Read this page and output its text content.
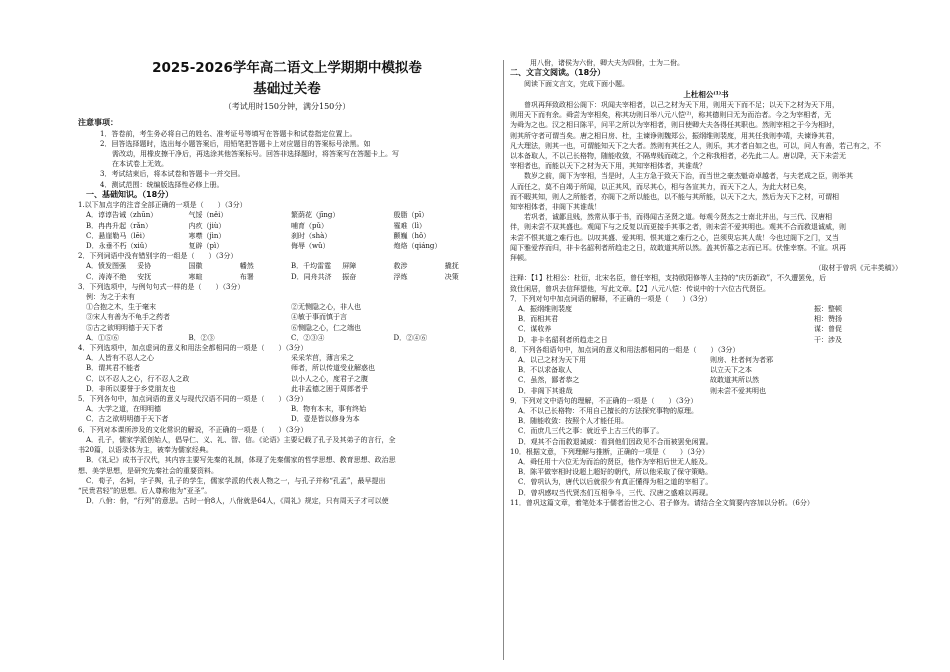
2025-2026学年高二语文上学期期中模拟卷
基础过关卷
（考试用时150分钟，满分150分）
注意事项：
1．答卷前，考生务必将自己的姓名、准考证号等填写在答题卡和试卷指定位置上。
2．回答选择题时，选出每小题答案后，用铅笔把答题卡上对应题目的答案标号涂黑。如
需改动，用橡皮擦干净后，再选涂其他答案标号。回答非选择题时，将答案写在答题卡上。写
在本试卷上无效。
3．考试结束后，将本试卷和答题卡一并交回。
4．测试范围：统编版选择性必修上册。
一、基础知识。（18分）
1.以下加点字的注音全部正确的一项是（　　）（3分）
A．谆谆告诫（zhūn）	气馁（něi）	繁荫花（jīng）	殷脂（pī）
B．冉冉升起（rǎn）	内疚（jiù）	哺育（pǔ）	罹难（lì）
C．悬崖勒马（lēi）	寒噤（jìn）	刹时（shà）	颤巍（hǒ）
D．永垂不朽（xiǔ）	复辟（pì）	侮辱（wǔ）	炮烙（qiáng）
2．下列词语中没有错别字的一组是（　　）（3分）
A．愤发图强	妥协	国徽	幡然	B．千均雷霆	屏障	救涉	撬抚
C．涛涛不绝	安抚	寒暄	布署	D．同舟共济	振奋	浮炼	决策
3．下列选项中，与例句句式一样的是（　　）（3分）
例：为之于未有
①合抱之木，生于毫末	②无恻隐之心，非人也
③宋人有善为不龟手之药者	④敏于事而慎于言
⑤古之欲明明德于天下者	⑥恻隐之心，仁之端也
A．①⑤⑥	B．②③	C．②③④	D．②④⑥
4．下列选项中，加点虚词的意义和用法全都相同的一项是（　　）（3分）
A．人皆有不忍人之心	采采芣苢，薄言采之
B．谓其君不能者	师者，所以传道受业解惑也
C．以不忍人之心，行不忍人之政	以小人之心，度君子之腹
D．非所以要誉于乡党朋友也	此非孟德之困于周郎者乎
5．下列各句中，加点词语的意义与现代汉语不同的一项是（　　）（3分）
A．大学之道，在明明德	B．物有本末，事有终始
C．古之欲明明德于天下者	D．壹是皆以修身为本
6．下列对本课所涉及的文化常识的解说，不正确的一项是（　　）（3分）
A．孔子，儒家学派创始人，倡导仁、义、礼、智、信。《论语》主要记载了孔子及其弟子的言行，全
书20篇，以语录体为主，被奉为儒家经典。
B．《礼记》成书于汉代，其内容主要写先秦的礼制，体现了先秦儒家的哲学思想、教育思想、政治思
想、美学思想，是研究先秦社会的重要资料。
C．荀子，名轲，字子舆，孔子的学生，儒家学派的代表人物之一，与孔子并称“孔孟”，最早提出
“民贵君轻”的思想。后人尊称他为“亚圣”。
D．八佾：佾，“行列”的意思。古时一佾8人，八佾就是64人，《周礼》规定，只有周天子才可以使
用八佾，诸侯为六佾，卿大夫为四佾，士为二佾。
二、文言文阅读。（18分）
阅读下面文言文，完成下面小题。
上杜相公⁽¹⁾书
曾巩再拜致政相公阁下：巩闻夫宰相者，以己之材为天下用，则用天下而不足；以天下之材为天下用，
则用天下而有余。舜尝为宰相矣，称其功则曰举八元八恺⁽²⁾，称其德则曰无为而治者。今之为宰相者，无
为舜为之也。汉之相曰陈平，问平之所以为宰相者，则曰使卿大夫各得任其职也。然则宰相之于今为相时，
则其所守者可谓当矣。唐之相曰房、杜，主谏诤则魏郑公，振纲维则裴度，用其任我则李靖，夫谏诤其君，
凡大理法，则其一也，可谓能知天下之大者。然则有其任之人，则乐，其才者自如之也，可以，问人有善，若己有之，不
以本备取人，不以己长格物，随能收敛，不隔卑贱而疏之，个之称我相者，必先此二人。唐以降，天下未尝无
宰相者也，而能以天下之材为天下用，其知宰相体者，其谁哉？
数岁之前，阁下为宰相，当是时，人主方急于致天下治，而当世之豪杰魁奇卓越者，与夫老成之臣，则举其
人而任之，莫不自竭于所闻，以正其风，而尽其心，相与各宣其力，而天下之人，为此大材已矣，
而不暇其知，则人之所能者，亦阁下之所以能也，以不能与其所能，以天下之大，然后为天下之材，可谓相
知宰相体者，非阁下其谁哉！
若巩者，诚鄙且贱，然常从事于书，而得闻古圣贤之道。每观今贤杰之士南北并出，与三代、汉唐相
伴，则未尝不双其盛也。观闻下与之反复以而更接手其事之者，则未尝不爱其明也。观其不合而救退诚威，则
未尝不恨其道之难行也。以叹其盛、爱其明、恨其道之难行之心，岂须臾忘其人哉！今也过阁下之门，又当
闻下雅爱荐而归，非卡名韶利者所趋走之日，故敢道其所以然。盖其忻慕之志而已耳。伏惟幸察。不宣。巩再
拜顿。
（取材于曾巩《元丰类稿》）
注释：【1】杜相公：杜衍，北宋名臣，曾任宰相，支持欧阳修等人主持的“庆历新政”，不久遭罢免，后
致仕闲居，曾巩去信拜望他，写此文章。【2】八元八恺：传说中的十六位古代贤臣。
7．下列对句中加点词语的解释，不正确的一项是（　　）（3分）
A．振纲维则裴度	振：整顿
B．而相其君	相：赞扬
C．谋收养	谋：曾促
D．非卡名韶利者所趋走之日	干：涉及
8．下列各组语句中，加点词的意义和用法都相同的一组是（　　）（3分）
A．以己之材为天下用	则房、杜者何为者邪
B．不以求备取人	以立天下之本
C．虽然，鄙者恭之	故敢道其所以然
D．非阁下其谁哉	则未尝不爱其明也
9．下列对文中语句的理解，不正确的一项是（　　）（3分）
A．不以己长格物：不用自己擅长的方法探究事物的原理。
B．随能收敛：按照个人才能任用。
C．而庶几三代之事：就近乎上古三代的事了。
D．观其不合而救退诚威：看到他们因政见不合而被罢免闲置。
10．根据文意，下列理解与推断，正确的一项是（　　）（3分）
A．舜任用十六位无为而治的贤臣，他作为宰相后世无人能及。
B．陈平做宰相时设超上超好的朝代，所以他采取了保守策略。
C．曾巩认为，唐代以后就很少有真正懂得为相之道的宰相了。
D．曾巩感叹当代贤杰们互相争斗，三代、汉唐之盛难以再现。
11．曾巩这篇文章，着笔处本于儒者治世之心、君子修为。请结合全文简要内容加以分析。（6分）
